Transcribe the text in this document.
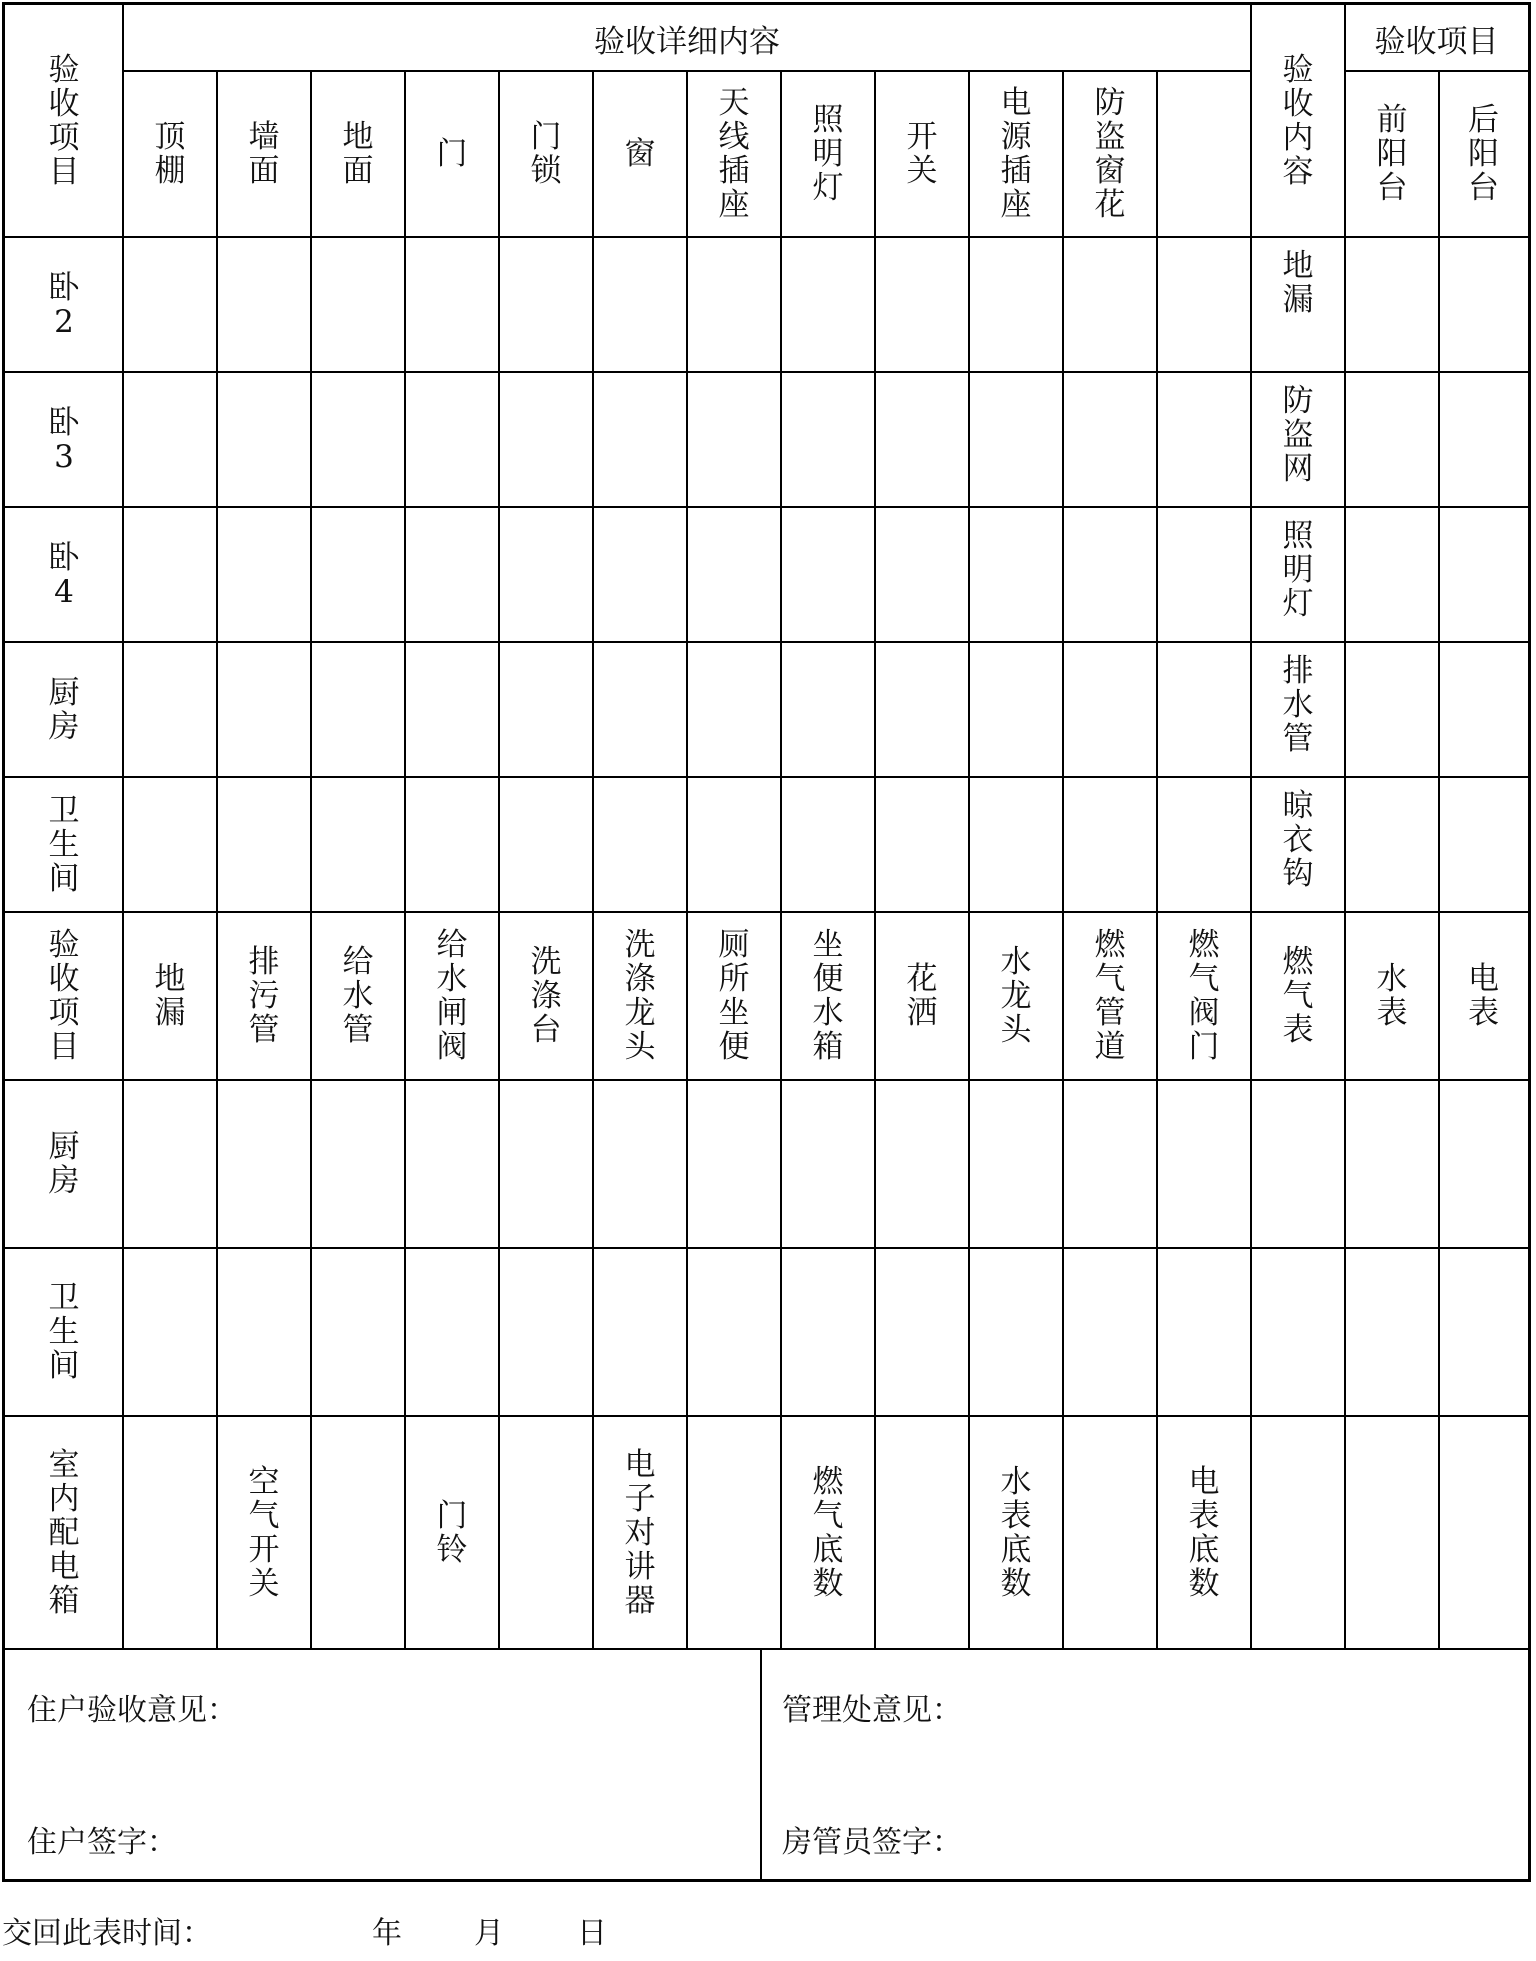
验
收
项
目
验收详细内容
顶
棚
墙
面
地
面 门 门
锁 窗
天
线
插
座
照
明
灯
开
关
电
源
插
座
防
盗
窗
花
验
收
内
容
验收项目
前
阳
台
后
阳
台
卧
2
地
漏
卧
3
防
盗
网
卧
4
照
明
灯
厨
房
排
水
管
卫
生
间
晾
衣
钩
验
收
项
目
地
漏
排
污
管
给
水
管
给
水
闸
阀
洗
涤
台
洗
涤
龙
头
厕
所
坐
便
坐
便
水
箱
花
洒
水
龙
头
燃
气
管
道
燃
气
阀
门
燃
气
表
水
表
电
表
厨
房
卫
生
间
室
内
配
电
箱
空
气
开
关
门
铃
电
子
对
讲
器
燃
气
底
数
水
表
底
数
电
表
底
数
住户验收意见：
住户签字：
管理处意见：
房管员签字：
交回此表时间：	年 月 日
